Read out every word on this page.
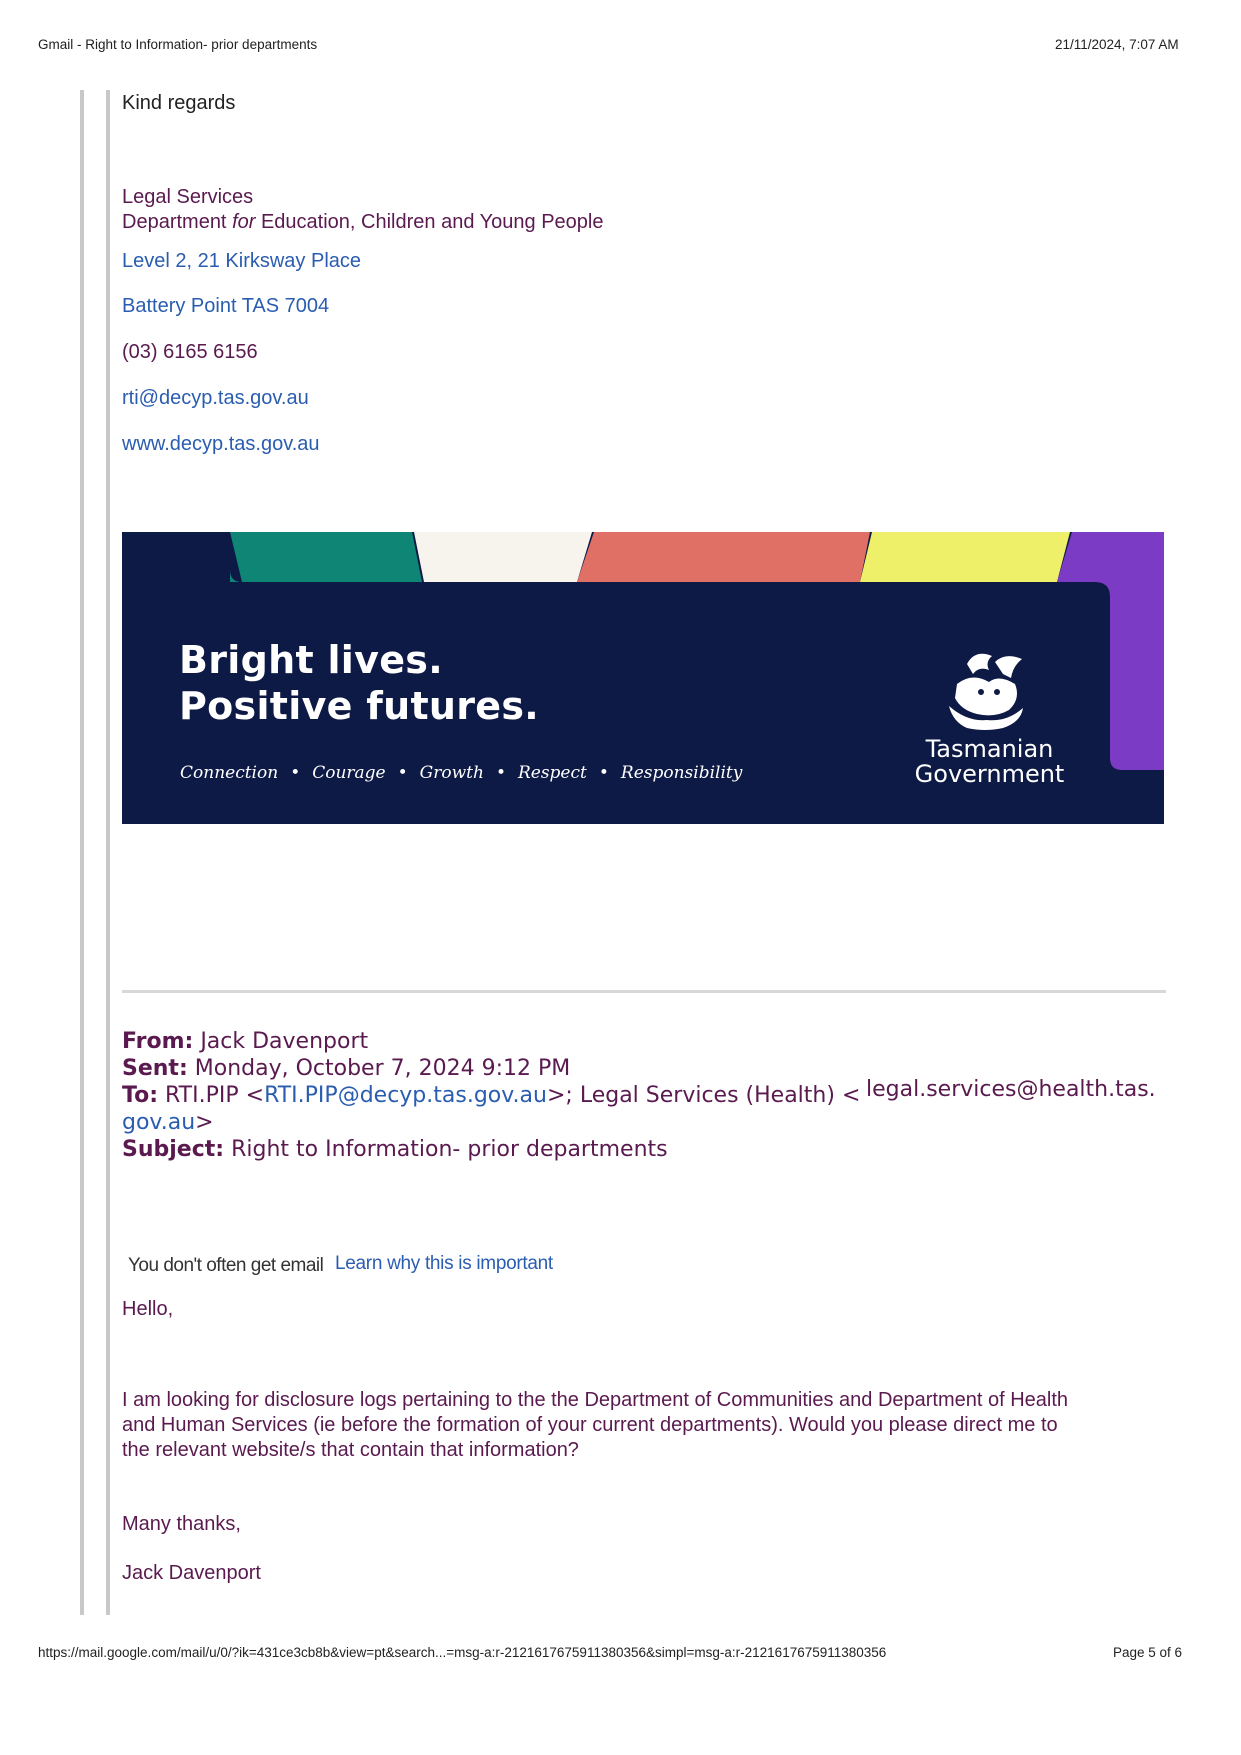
Gmail - Right to Information- prior departments	21/11/2024, 7:07 AM
Kind regards
Legal Services
Department for Education, Children and Young People
Level 2, 21 Kirksway Place
Battery Point TAS 7004
(03) 6165 6156
rti@decyp.tas.gov.au
www.decyp.tas.gov.au
Bright lives.
Positive futures.
Connection • Courage • Growth • Respect • Responsibility
Tasmanian
Government
From: Jack Davenport
Sent: Monday, October 7, 2024 9:12 PM
To: RTI.PIP <RTI.PIP@decyp.tas.gov.au>; Legal Services (Health) < legal.services@health.tas.
gov.au>
Subject: Right to Information- prior departments
You don't often get email Learn why this is important
Hello,
I am looking for disclosure logs pertaining to the the Department of Communities and Department of Health
and Human Services (ie before the formation of your current departments). Would you please direct me to
the relevant website/s that contain that information?
Many thanks,
Jack Davenport
https://mail.google.com/mail/u/0/?ik=431ce3cb8b&view=pt&search...=msg-a:r-2121617675911380356&simpl=msg-a:r-2121617675911380356	Page 5 of 6
